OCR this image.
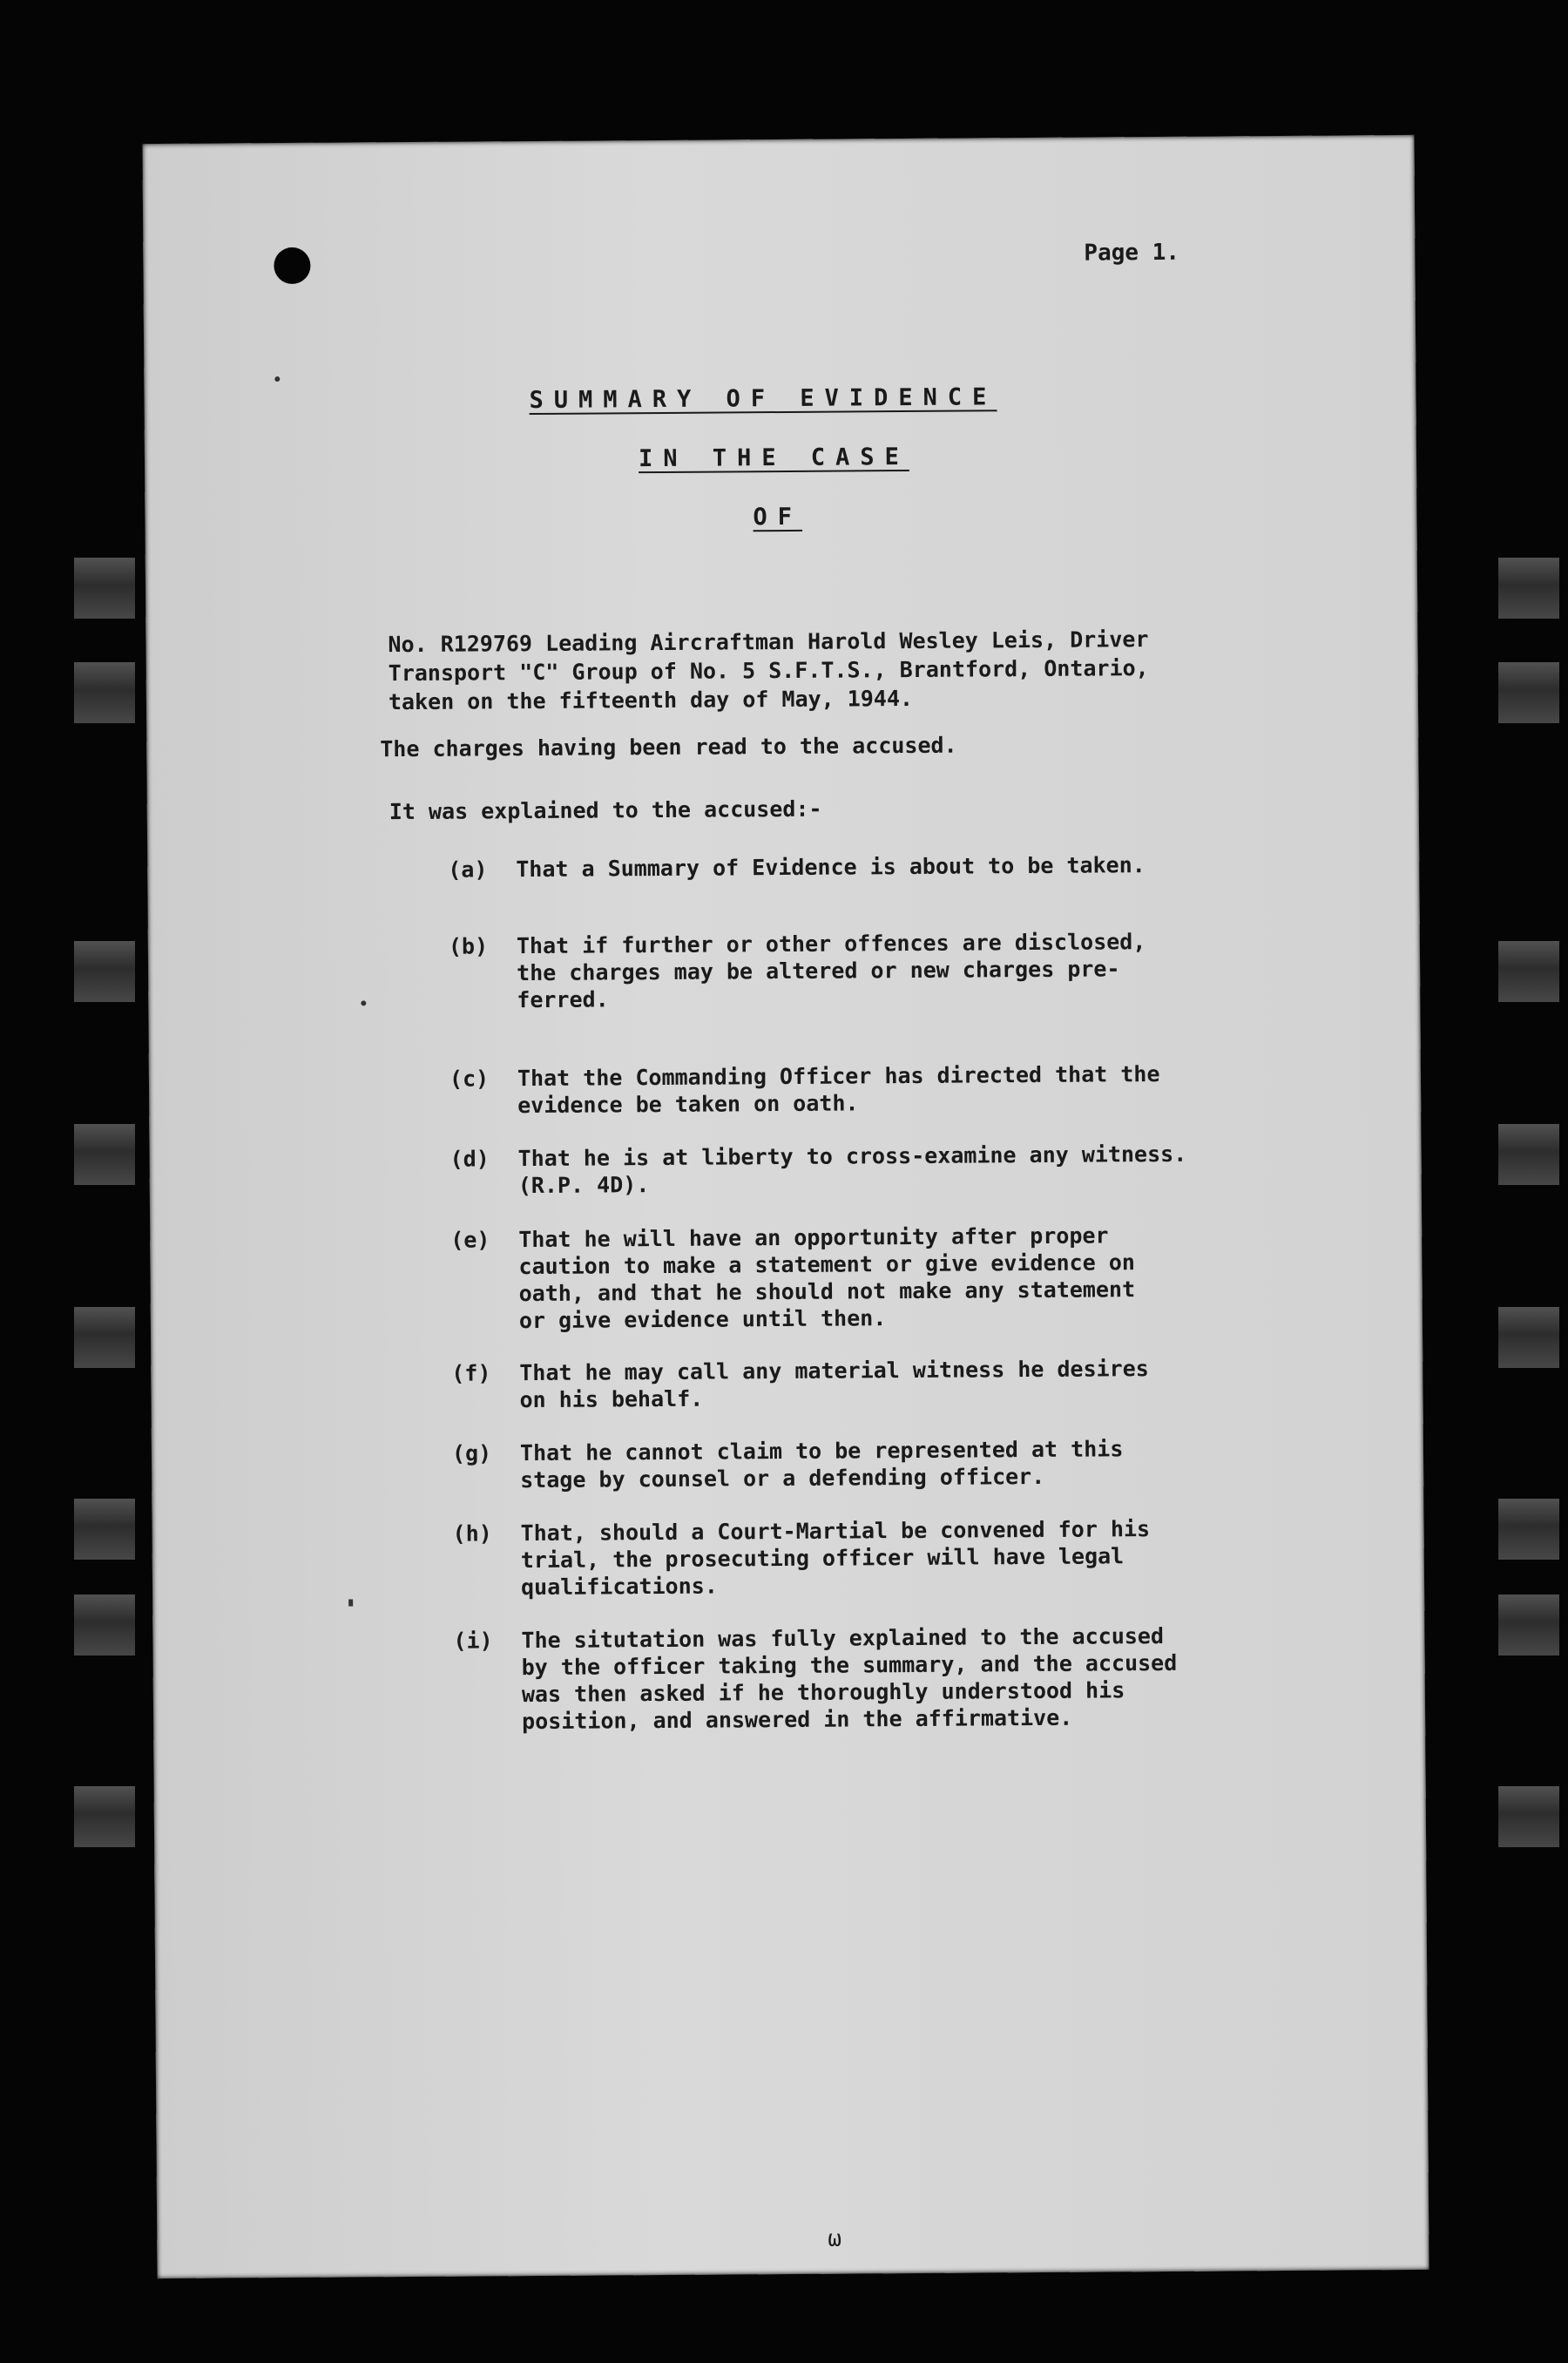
Page 1.
SUMMARY OF EVIDENCE
IN THE CASE
OF
No. R129769 Leading Aircraftman Harold Wesley Leis, Driver
Transport "C" Group of No. 5 S.F.T.S., Brantford, Ontario,
taken on the fifteenth day of May, 1944.
The charges having been read to the accused.
It was explained to the accused:-
(a) That a Summary of Evidence is about to be taken.
(b) That if further or other offences are disclosed,
the charges may be altered or new charges pre-
ferred.
(c) That the Commanding Officer has directed that the
evidence be taken on oath.
(d) That he is at liberty to cross-examine any witness.
(R.P. 4D).
(e) That he will have an opportunity after proper
caution to make a statement or give evidence on
oath, and that he should not make any statement
or give evidence until then.
(f) That he may call any material witness he desires
on his behalf.
(g) That he cannot claim to be represented at this
stage by counsel or a defending officer.
(h) That, should a Court-Martial be convened for his
trial, the prosecuting officer will have legal
qualifications.
(i) The situtation was fully explained to the accused
by the officer taking the summary, and the accused
was then asked if he thoroughly understood his
position, and answered in the affirmative.
ω
